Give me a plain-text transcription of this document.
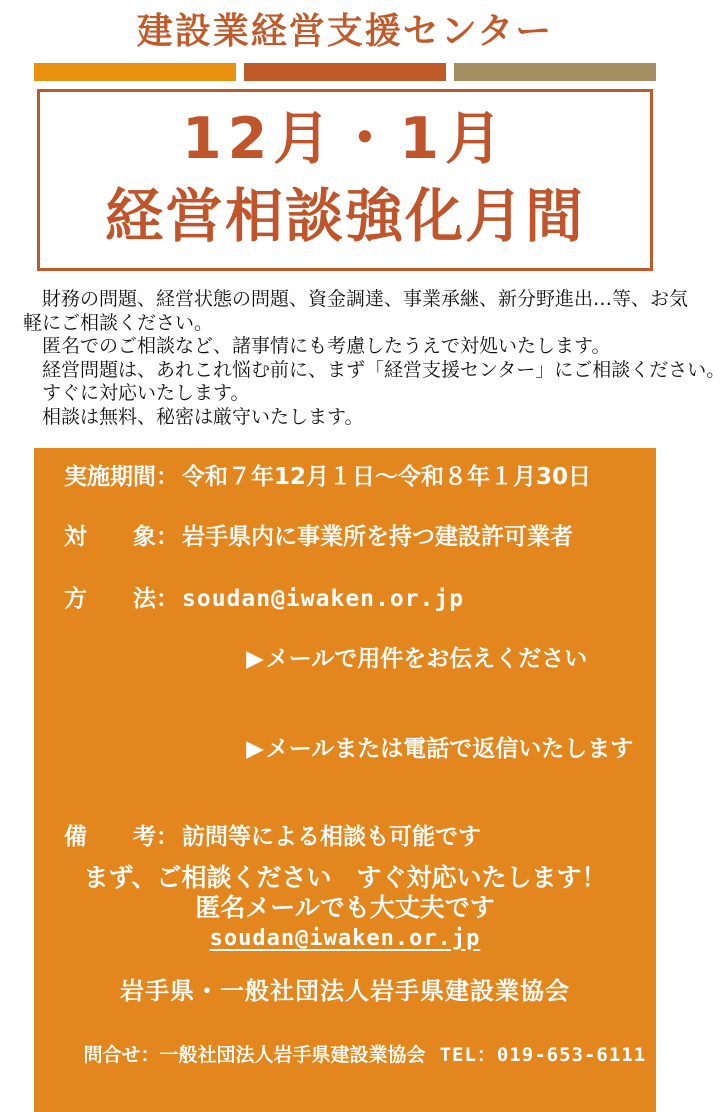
建設業経営支援センター
12月・1月
経営相談強化月間
　財務の問題、経営状態の問題、資金調達、事業承継、新分野進出…等、お気
軽にご相談ください。
　匿名でのご相談など、諸事情にも考慮したうえで対処いたします。
　経営問題は、あれこれ悩む前に、まず「経営支援センター」にご相談ください。
　すぐに対応いたします。
　相談は無料、秘密は厳守いたします。
実施期間： 令和７年12月１日～令和８年１月30日
対　　象： 岩手県内に事業所を持つ建設許可業者
方　　法： soudan@iwaken.or.jp

▶メールで用件をお伝えください

▶メールまたは電話で返信いたします

備　　考： 訪問等による相談も可能です
まず、ご相談ください　すぐ対応いたします！
匿名メールでも大丈夫です
soudan@iwaken.or.jp
岩手県・一般社団法人岩手県建設業協会

問合せ：一般社団法人岩手県建設業協会 TEL：019-653-6111
